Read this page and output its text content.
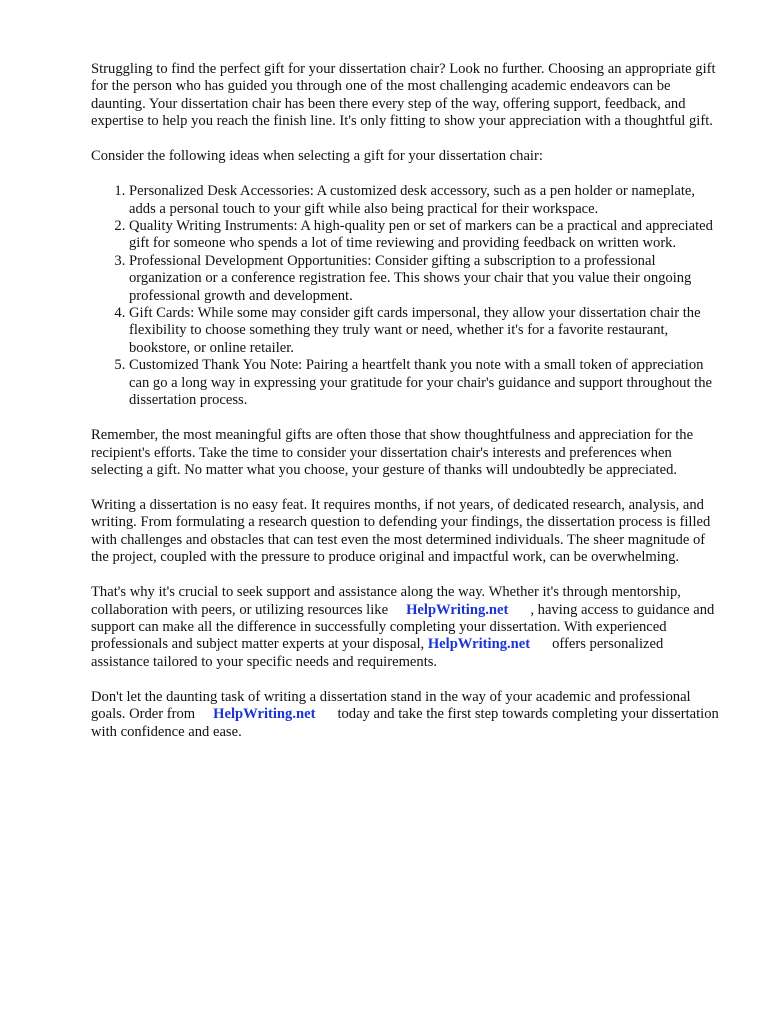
Struggling to find the perfect gift for your dissertation chair? Look no further. Choosing an appropriate gift for the person who has guided you through one of the most challenging academic endeavors can be daunting. Your dissertation chair has been there every step of the way, offering support, feedback, and expertise to help you reach the finish line. It's only fitting to show your appreciation with a thoughtful gift.

Consider the following ideas when selecting a gift for your dissertation chair:

1. Personalized Desk Accessories: A customized desk accessory, such as a pen holder or nameplate, adds a personal touch to your gift while also being practical for their workspace.
2. Quality Writing Instruments: A high-quality pen or set of markers can be a practical and appreciated gift for someone who spends a lot of time reviewing and providing feedback on written work.
3. Professional Development Opportunities: Consider gifting a subscription to a professional organization or a conference registration fee. This shows your chair that you value their ongoing professional growth and development.
4. Gift Cards: While some may consider gift cards impersonal, they allow your dissertation chair the flexibility to choose something they truly want or need, whether it's for a favorite restaurant, bookstore, or online retailer.
5. Customized Thank You Note: Pairing a heartfelt thank you note with a small token of appreciation can go a long way in expressing your gratitude for your chair's guidance and support throughout the dissertation process.

Remember, the most meaningful gifts are often those that show thoughtfulness and appreciation for the recipient's efforts. Take the time to consider your dissertation chair's interests and preferences when selecting a gift. No matter what you choose, your gesture of thanks will undoubtedly be appreciated.

Writing a dissertation is no easy feat. It requires months, if not years, of dedicated research, analysis, and writing. From formulating a research question to defending your findings, the dissertation process is filled with challenges and obstacles that can test even the most determined individuals. The sheer magnitude of the project, coupled with the pressure to produce original and impactful work, can be overwhelming.

That's why it's crucial to seek support and assistance along the way. Whether it's through mentorship, collaboration with peers, or utilizing resources like HelpWriting.net , having access to guidance and support can make all the difference in successfully completing your dissertation. With experienced professionals and subject matter experts at your disposal, HelpWriting.net offers personalized assistance tailored to your specific needs and requirements.

Don't let the daunting task of writing a dissertation stand in the way of your academic and professional goals. Order from HelpWriting.net today and take the first step towards completing your dissertation with confidence and ease.
